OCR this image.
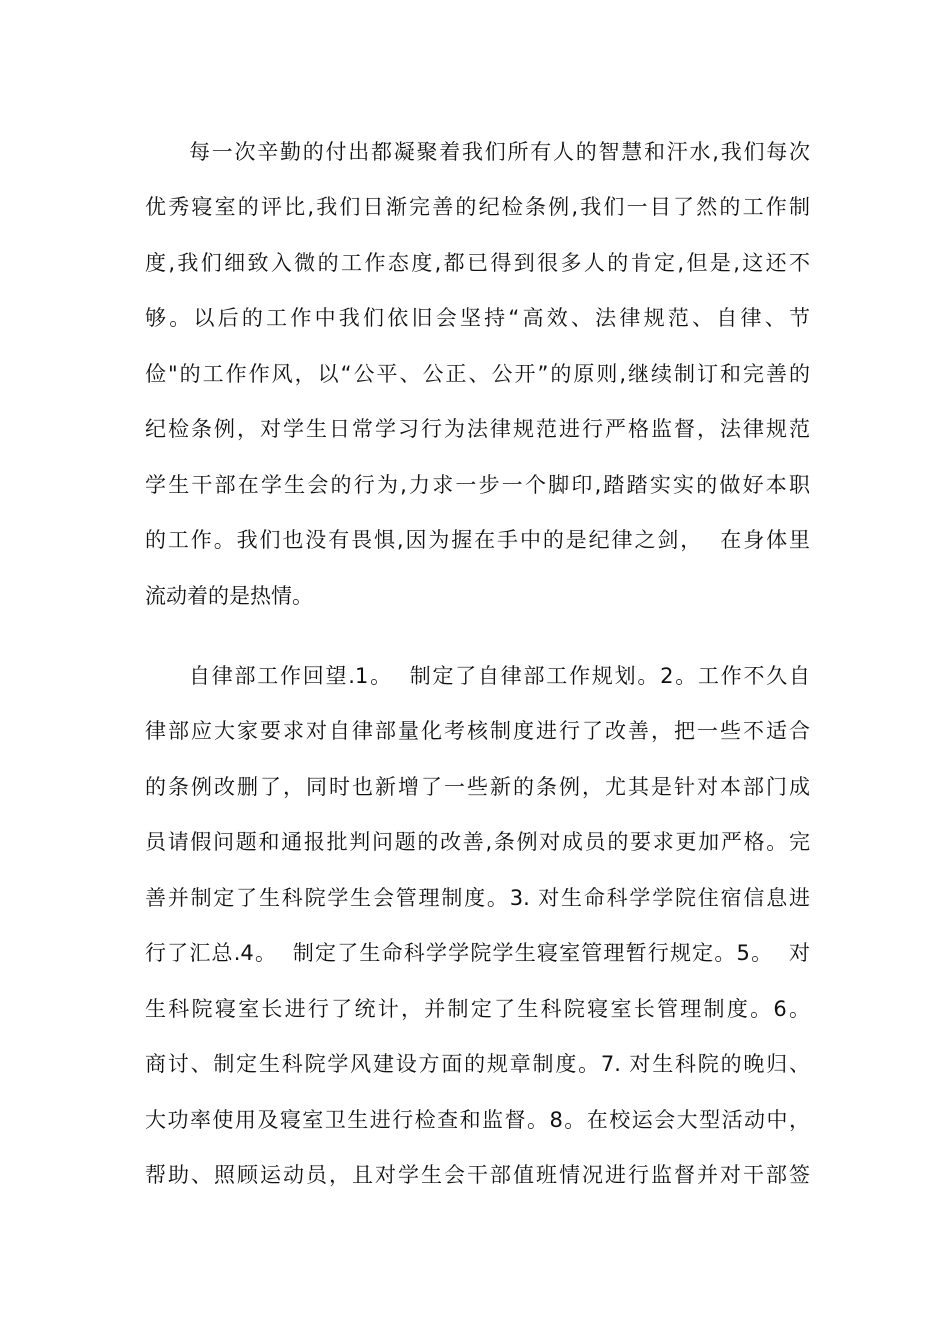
每一次辛勤的付出都凝聚着我们所有人的智慧和汗水,我们每次

优秀寝室的评比,我们日渐完善的纪检条例,我们一目了然的工作制

度,我们细致入微的工作态度,都已得到很多人的肯定,但是,这还不

够。以后的工作中我们依旧会坚持“高效、法律规范、自律、节

俭"的工作作风，以“公平、公正、公开”的原则,继续制订和完善的

纪检条例，对学生日常学习行为法律规范进行严格监督，法律规范

学生干部在学生会的行为,力求一步一个脚印,踏踏实实的做好本职

的工作。我们也没有畏惧,因为握在手中的是纪律之剑，  在身体里

流动着的是热情。

自律部工作回望.1。  制定了自律部工作规划。2。工作不久自

律部应大家要求对自律部量化考核制度进行了改善，把一些不适合

的条例改删了，同时也新增了一些新的条例，尤其是针对本部门成

员请假问题和通报批判问题的改善,条例对成员的要求更加严格。完

善并制定了生科院学生会管理制度。3. 对生命科学学院住宿信息进

行了汇总.4。  制定了生命科学学院学生寝室管理暂行规定。5。  对

生科院寝室长进行了统计，并制定了生科院寝室长管理制度。6。

商讨、制定生科院学风建设方面的规章制度。7. 对生科院的晚归、

大功率使用及寝室卫生进行检查和监督。8。在校运会大型活动中，

帮助、照顾运动员，且对学生会干部值班情况进行监督并对干部签
